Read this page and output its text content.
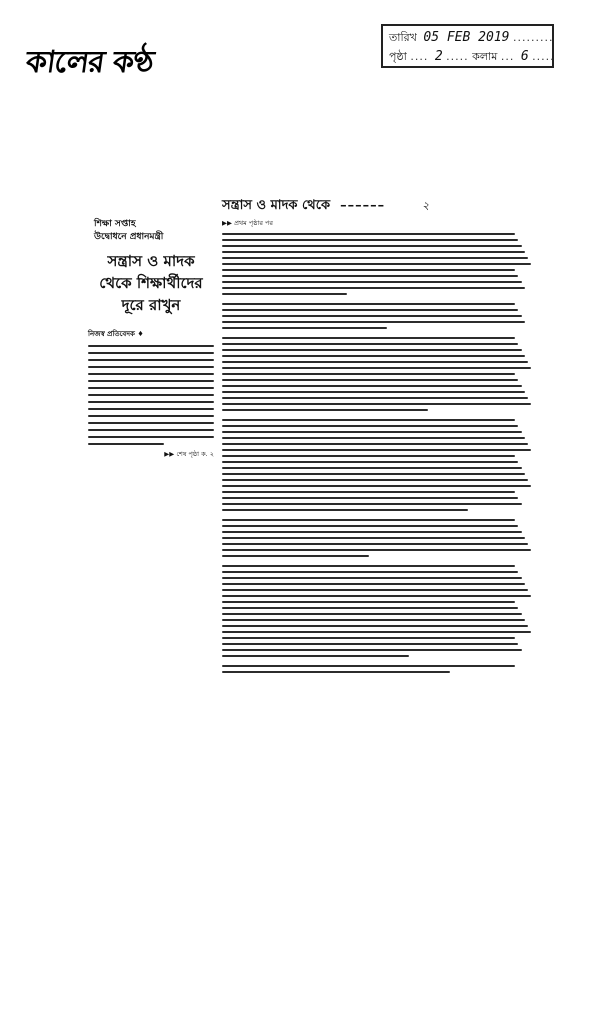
কালের কণ্ঠ
তারিখ 05 FEB 2019 .........
পৃষ্ঠা .... 2 ..... কলাম ... 6 .....
শিক্ষা সপ্তাহ
উদ্বোধনে প্রধানমন্ত্রী
সন্ত্রাস ও মাদক
থেকে শিক্ষার্থীদের
দূরে রাখুন
নিজস্ব প্রতিবেদক ♦
▶▶ শেষ পৃষ্ঠা ক. ২
সন্ত্রাস ও মাদক থেকে  ––––––	২
▶▶ প্রথম পৃষ্ঠার পর
